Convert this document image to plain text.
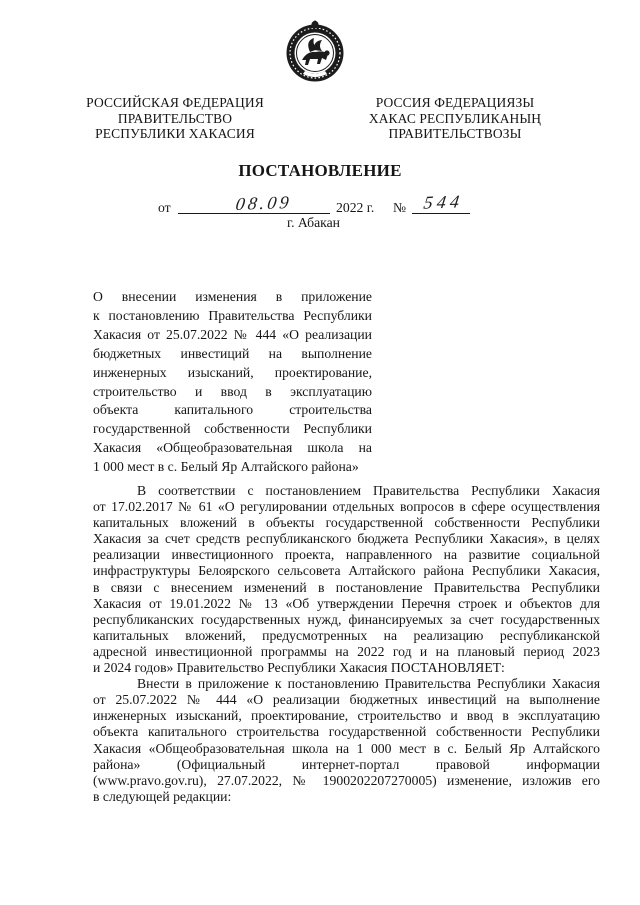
РОССИЙСКАЯ ФЕДЕРАЦИЯ
ПРАВИТЕЛЬСТВО
РЕСПУБЛИКИ ХАКАСИЯ
РОССИЯ ФЕДЕРАЦИЯЗЫ
ХАКАС РЕСПУБЛИКАНЫҢ
ПРАВИТЕЛЬСТВОЗЫ
ПОСТАНОВЛЕНИЕ
от	08.09	2022 г. № 544
г. Абакан
О внесении изменения в приложение
к постановлению Правительства Республики
Хакасия от 25.07.2022 № 444 «О реализации
бюджетных инвестиций на выполнение
инженерных изысканий, проектирование,
строительство и ввод в эксплуатацию
объекта капитального строительства
государственной собственности Республики
Хакасия «Общеобразовательная школа на
1 000 мест в с. Белый Яр Алтайского района»
В соответствии с постановлением Правительства Республики Хакасия
от 17.02.2017 № 61 «О регулировании отдельных вопросов в сфере осуществления
капитальных вложений в объекты государственной собственности Республики
Хакасия за счет средств республиканского бюджета Республики Хакасия», в целях
реализации инвестиционного проекта, направленного на развитие социальной
инфраструктуры Белоярского сельсовета Алтайского района Республики Хакасия,
в связи с внесением изменений в постановление Правительства Республики
Хакасия от 19.01.2022 № 13 «Об утверждении Перечня строек и объектов для
республиканских государственных нужд, финансируемых за счет государственных
капитальных вложений, предусмотренных на реализацию республиканской
адресной инвестиционной программы на 2022 год и на плановый период 2023
и 2024 годов» Правительство Республики Хакасия ПОСТАНОВЛЯЕТ:
Внести в приложение к постановлению Правительства Республики Хакасия
от 25.07.2022 № 444 «О реализации бюджетных инвестиций на выполнение
инженерных изысканий, проектирование, строительство и ввод в эксплуатацию
объекта капитального строительства государственной собственности Республики
Хакасия «Общеобразовательная школа на 1 000 мест в с. Белый Яр Алтайского
района» (Официальный интернет-портал правовой информации
(www.pravo.gov.ru), 27.07.2022, № 1900202207270005) изменение, изложив его
в следующей редакции:
